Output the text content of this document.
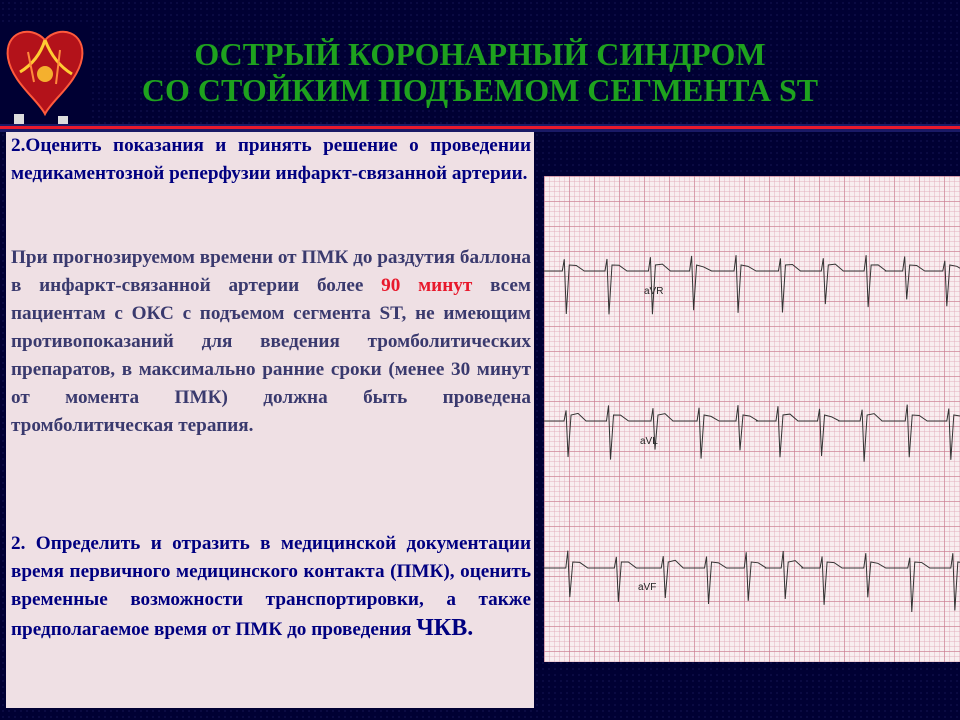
ОСТРЫЙ КОРОНАРНЫЙ СИНДРОМ
СО СТОЙКИМ ПОДЪЕМОМ СЕГМЕНТА ST

2.Оценить показания и принять решение о проведении медикаментозной реперфузии инфаркт-связанной артерии.

При прогнозируемом времени от ПМК до раздутия баллона в инфаркт-связанной артерии более 90 минут всем пациентам с ОКС с подъемом сегмента ST, не имеющим противопоказаний для введения тромболитических препаратов, в максимально ранние сроки (менее 30 минут от момента ПМК) должна быть проведена тромболитическая терапия.

2. Определить и отразить в медицинской документации время первичного медицинского контакта (ПМК), оценить временные возможности транспортировки, а также предполагаемое время от ПМК до проведения ЧКВ.

aVR
aVL
aVF
